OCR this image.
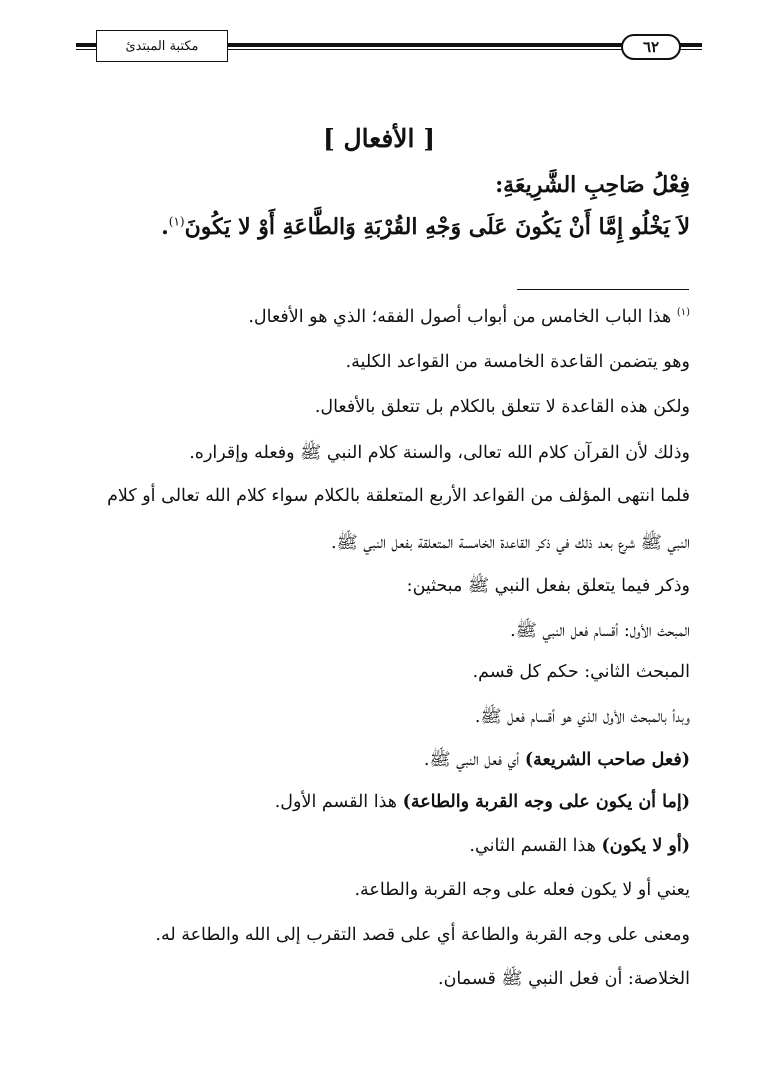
مكتبة المبتدئ	٦٢
[ الأفعال ]
فِعْلُ صَاحِبِ الشَّرِيعَةِ:
لاَ يَخْلُو إِمَّا أَنْ يَكُونَ عَلَى وَجْهِ القُرْبَةِ وَالطَّاعَةِ أَوْ لا يَكُونَ$^{(١)}$.
$^{(١)}$ هذا الباب الخامس من أبواب أصول الفقه؛ الذي هو الأفعال.
وهو يتضمن القاعدة الخامسة من القواعد الكلية.
ولكن هذه القاعدة لا تتعلق بالكلام بل تتعلق بالأفعال.
وذلك لأن القرآن كلام الله تعالى، والسنة كلام النبي ﷺ وفعله وإقراره.
فلما انتهى المؤلف من القواعد الأربع المتعلقة بالكلام سواء كلام الله تعالى أو كلام
النبي ﷺ شرع بعد ذلك في ذكر القاعدة الخامسة المتعلقة بفعل النبي ﷺ.
وذكر فيما يتعلق بفعل النبي ﷺ مبحثين:
المبحث الأول: أقسام فعل النبي ﷺ.
المبحث الثاني: حكم كل قسم.
وبدأ بالمبحث الأول الذي هو أقسام فعل ﷺ.
(فعل صاحب الشريعة) أي فعل النبي ﷺ.
(إما أن يكون على وجه القربة والطاعة) هذا القسم الأول.
(أو لا يكون) هذا القسم الثاني.
يعني أو لا يكون فعله على وجه القربة والطاعة.
ومعنى على وجه القربة والطاعة أي على قصد التقرب إلى الله والطاعة له.
الخلاصة: أن فعل النبي ﷺ قسمان.
